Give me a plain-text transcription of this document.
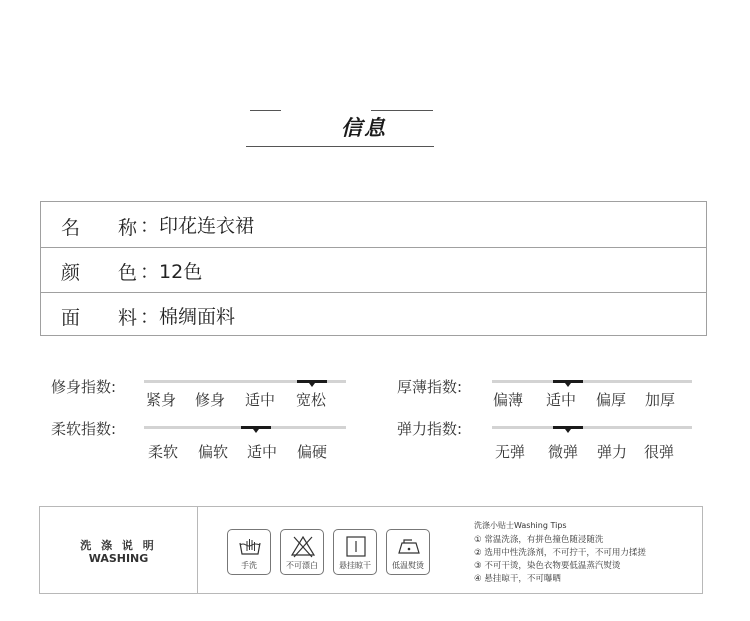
信息
名	称 ：印花连衣裙
颜	色 ：12色
面	料 ：棉绸面料
修身指数:
紧身 修身 适中 宽松
厚薄指数:
偏薄 适中 偏厚 加厚
柔软指数:
柔软 偏软 适中 偏硬
弹力指数:
无弹 微弹 弹力 很弹
洗 涤 说 明
WASHING
手洗	不可漂白	悬挂晾干	低温熨烫
洗涤小贴士Washing Tips
① 常温洗涤，有拼色撞色随浸随洗
② 选用中性洗涤剂，不可拧干，不可用力揉搓
③ 不可干烫，染色衣物要低温蒸汽熨烫
④ 悬挂晾干，不可曝晒
